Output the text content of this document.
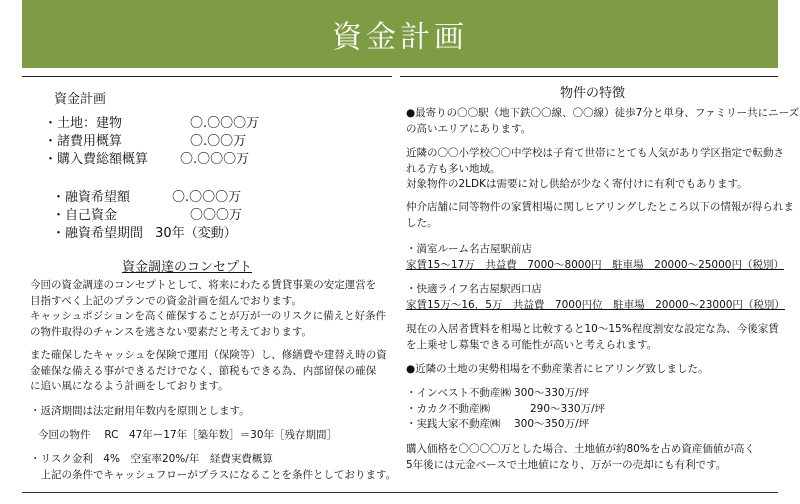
資金計画
資金計画
・土地：建物	〇.〇〇〇万
・諸費用概算	〇.〇〇万
・購入費総額概算 〇.〇〇〇万
・融資希望額	〇.〇〇〇万
・自己資金	〇〇〇万
・融資希望期間 30年（変動）
資金調達のコンセプト
今回の資金調達のコンセプトとして、将来にわたる賃貸事業の安定運営を
目指すべく上記のプランでの資金計画を組んでおります。
キャッシュポジションを高く確保することが万が一のリスクに備えと好条件
の物件取得のチャンスを逃さない要素だと考えております。
また確保したキャッシュを保険で運用（保険等）し、修繕費や建替え時の資
金確保な備える事ができるだけでなく、節税もできる為、内部留保の確保
に追い風になるよう計画をしております。
・返済期間は法定耐用年数内を原則とします。
今回の物件　 RC　47年ー17年［築年数］＝30年［残存期間］
・リスク金利　4%　空室率20%/年　経費実費概算
　上記の条件でキャッシュフローがプラスになることを条件としております。
物件の特徴
●最寄りの〇〇駅（地下鉄〇〇線、〇〇線）徒歩7分と単身、ファミリー共にニーズ
の高いエリアにあります。
近隣の〇〇小学校〇〇中学校は子育て世帯にとても人気があり学区指定で転動さ
れる方も多い地域。
対象物件の2LDKは需要に対し供給が少なく寄付けに有利でもあります。
仲介店舗に同等物件の家賃相場に関しヒアリングしたところ以下の情報が得られま
した。
・満室ルーム名古屋駅前店
家賃15～17万　共益費　7000～8000円　駐車場　20000～25000円（税別）
・快適ライフ名古屋駅西口店
家賃15万～16．5万　共益費　7000円位　駐車場　20000～23000円（税別）
現在の入居者賃料を相場と比較すると10～15%程度割安な設定な為、今後家賃
を上乗せし募集できる可能性が高いと考えられます。
●近隣の土地の実勢相場を不動産業者にヒアリング致しました。
・インベスト不動産㈱ 300～330万/坪
・カカク不動産㈱	290～330万/坪
・実践大家不動産㈱ 300～350万/坪
購入価格を〇〇〇〇万とした場合、土地値が約80%を占め資産価値が高く
5年後には元金ベースで土地値になり、万が一の売却にも有利です。
